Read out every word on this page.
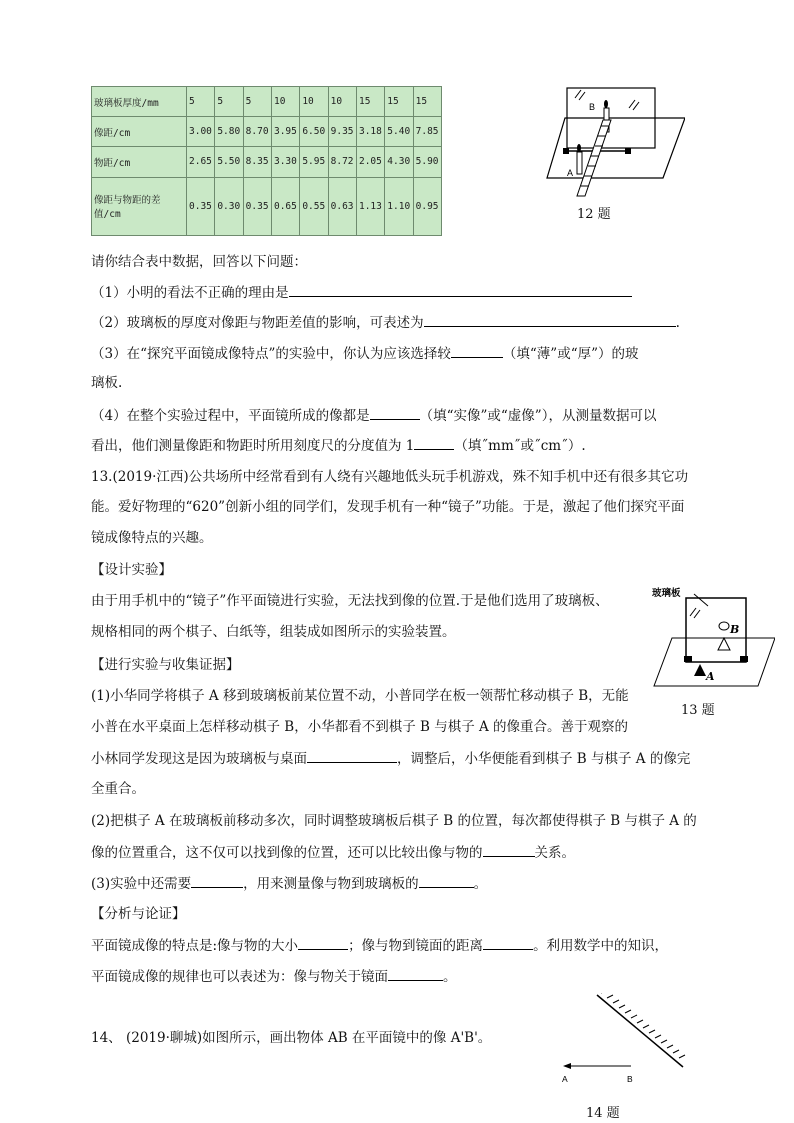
玻璃板厚度/mm	5	5	5	10	10	10	15	15	15
像距/cm	3.00	5.80	8.70	3.95	6.50	9.35	3.18	5.40	7.85
物距/cm	2.65	5.50	8.35	3.30	5.95	8.72	2.05	4.30	5.90
像距与物距的差值/cm	0.35	0.30	0.35	0.65	0.55	0.63	1.13	1.10	0.95
B
A
12 题
请你结合表中数据，回答以下问题：
（1）小明的看法不正确的理由是
（2）玻璃板的厚度对像距与物距差值的影响，可表述为	.
（3）在“探究平面镜成像特点”的实验中，你认为应该选择较	（填“薄”或“厚”）的玻
璃板.
（4）在整个实验过程中，平面镜所成的像都是	（填“实像”或“虚像”），从测量数据可以
看出，他们测量像距和物距时所用刻度尺的分度值为 1	（填˝mm˝或˝cm˝）.
13.(2019·江西)公共场所中经常看到有人绕有兴趣地低头玩手机游戏，殊不知手机中还有很多其它功
能。爱好物理的“620”创新小组的同学们，发现手机有一种“镜子”功能。于是，激起了他们探究平面
镜成像特点的兴趣。
【设计实验】
由于用手机中的“镜子”作平面镜进行实验，无法找到像的位置.于是他们选用了玻璃板、
规格相同的两个棋子、白纸等，组装成如图所示的实验装置。
【进行实验与收集证据】
(1)小华同学将棋子 A 移到玻璃板前某位置不动，小普同学在板一领帮忙移动棋子 B，无能
小普在水平桌面上怎样移动棋子 B，小华都看不到棋子 B 与棋子 A 的像重合。善于观察的
小林同学发现这是因为玻璃板与桌面	，调整后，小华便能看到棋子 B 与棋子 A 的像完
全重合。
(2)把棋子 A 在玻璃板前移动多次，同时调整玻璃板后棋子 B 的位置，每次都使得棋子 B 与棋子 A 的
像的位置重合，这不仅可以找到像的位置，还可以比较出像与物的	关系。
(3)实验中还需要	，用来测量像与物到玻璃板的	。
【分析与论证】
平面镜成像的特点是:像与物的大小	；像与物到镜面的距离	。利用数学中的知识，
平面镜成像的规律也可以表述为：像与物关于镜面	。
玻璃板
B
A
13 题
14、 (2019·聊城)如图所示，画出物体 AB 在平面镜中的像 A'B'。
A	B
14 题
